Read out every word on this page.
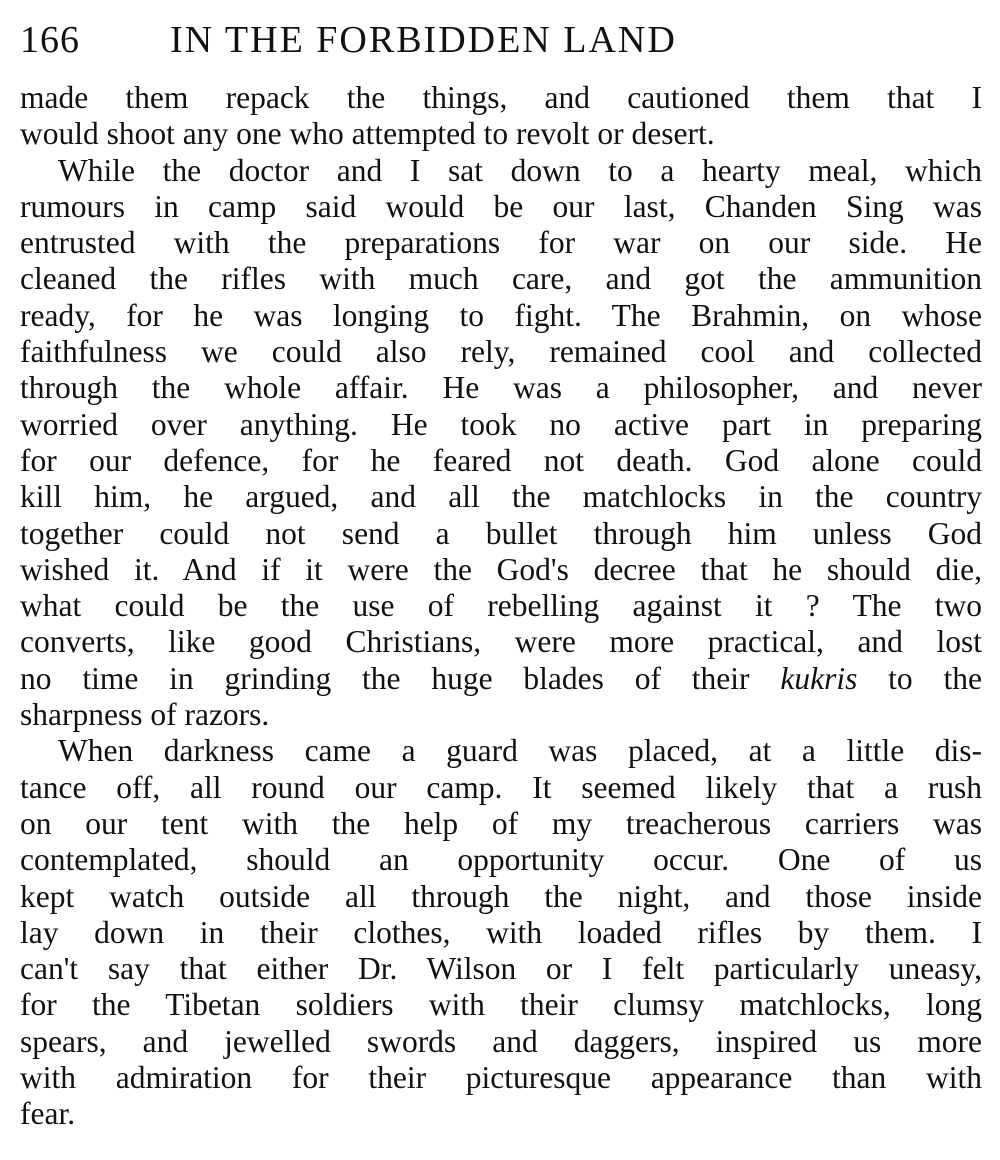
166	IN THE FORBIDDEN LAND
made them repack the things, and cautioned them that I
would shoot any one who attempted to revolt or desert.
While the doctor and I sat down to a hearty meal, which
rumours in camp said would be our last, Chanden Sing was
entrusted with the preparations for war on our side. He
cleaned the rifles with much care, and got the ammunition
ready, for he was longing to fight. The Brahmin, on whose
faithfulness we could also rely, remained cool and collected
through the whole affair. He was a philosopher, and never
worried over anything. He took no active part in preparing
for our defence, for he feared not death. God alone could
kill him, he argued, and all the matchlocks in the country
together could not send a bullet through him unless God
wished it. And if it were the God's decree that he should die,
what could be the use of rebelling against it ? The two
converts, like good Christians, were more practical, and lost
no time in grinding the huge blades of their kukris to the
sharpness of razors.
When darkness came a guard was placed, at a little dis-
tance off, all round our camp. It seemed likely that a rush
on our tent with the help of my treacherous carriers was
contemplated, should an opportunity occur. One of us
kept watch outside all through the night, and those inside
lay down in their clothes, with loaded rifles by them. I
can't say that either Dr. Wilson or I felt particularly uneasy,
for the Tibetan soldiers with their clumsy matchlocks, long
spears, and jewelled swords and daggers, inspired us more
with admiration for their picturesque appearance than with
fear.
